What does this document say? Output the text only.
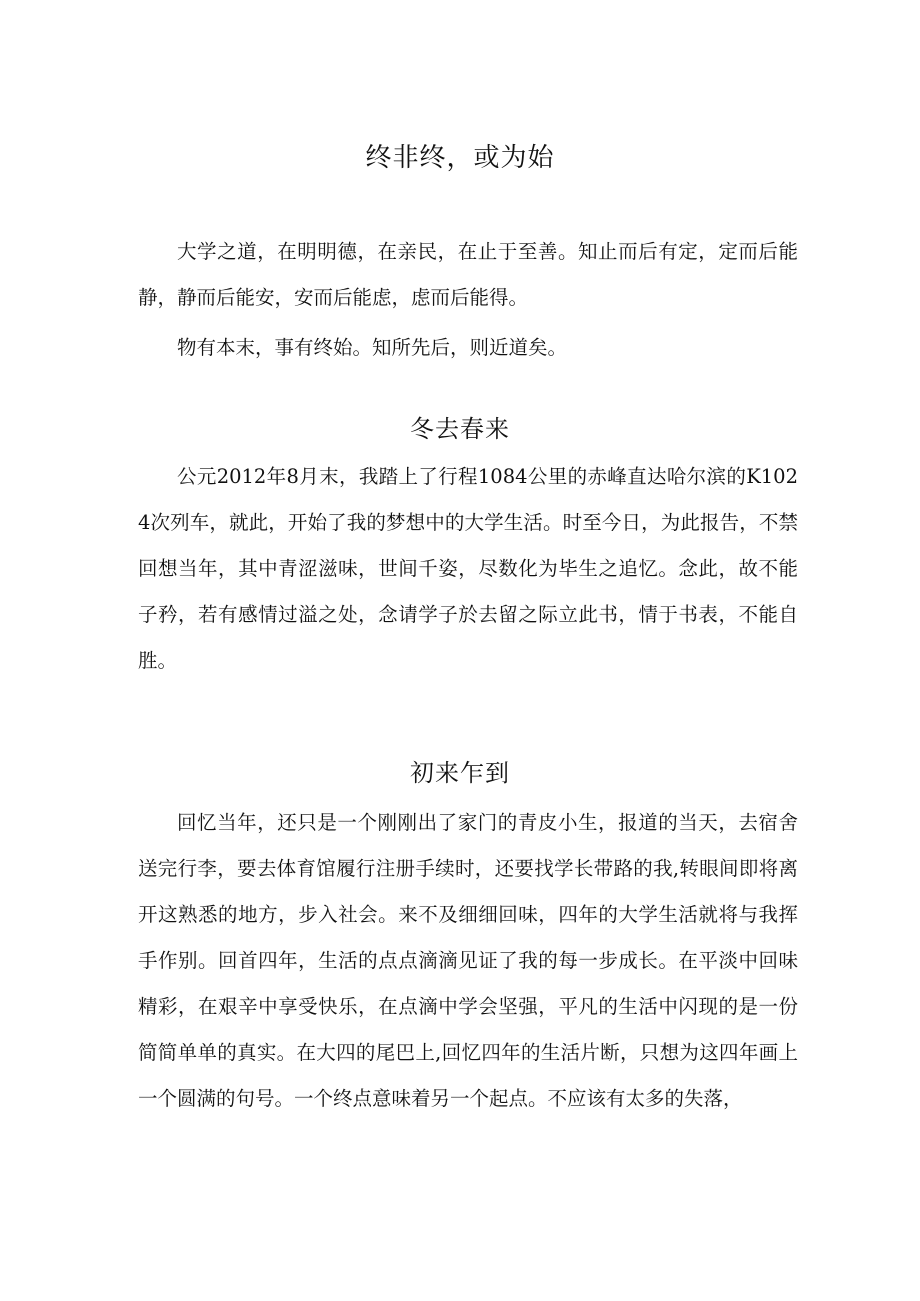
终非终，或为始

大学之道，在明明德，在亲民，在止于至善。知止而后有定，定而后能静，静而后能安，安而后能虑，虑而后能得。

物有本末，事有终始。知所先后，则近道矣。

冬去春来

公元2012年8月末，我踏上了行程1084公里的赤峰直达哈尔滨的K1024次列车，就此，开始了我的梦想中的大学生活。时至今日，为此报告，不禁回想当年，其中青涩滋味，世间千姿，尽数化为毕生之追忆。念此，故不能子矜，若有感情过溢之处，念请学子於去留之际立此书，情于书表，不能自胜。

初来乍到

回忆当年，还只是一个刚刚出了家门的青皮小生，报道的当天，去宿舍送完行李，要去体育馆履行注册手续时，还要找学长带路的我,转眼间即将离开这熟悉的地方，步入社会。来不及细细回味，四年的大学生活就将与我挥手作别。回首四年，生活的点点滴滴见证了我的每一步成长。在平淡中回味精彩，在艰辛中享受快乐，在点滴中学会坚强，平凡的生活中闪现的是一份简简单单的真实。在大四的尾巴上,回忆四年的生活片断，只想为这四年画上一个圆满的句号。一个终点意味着另一个起点。不应该有太多的失落，
